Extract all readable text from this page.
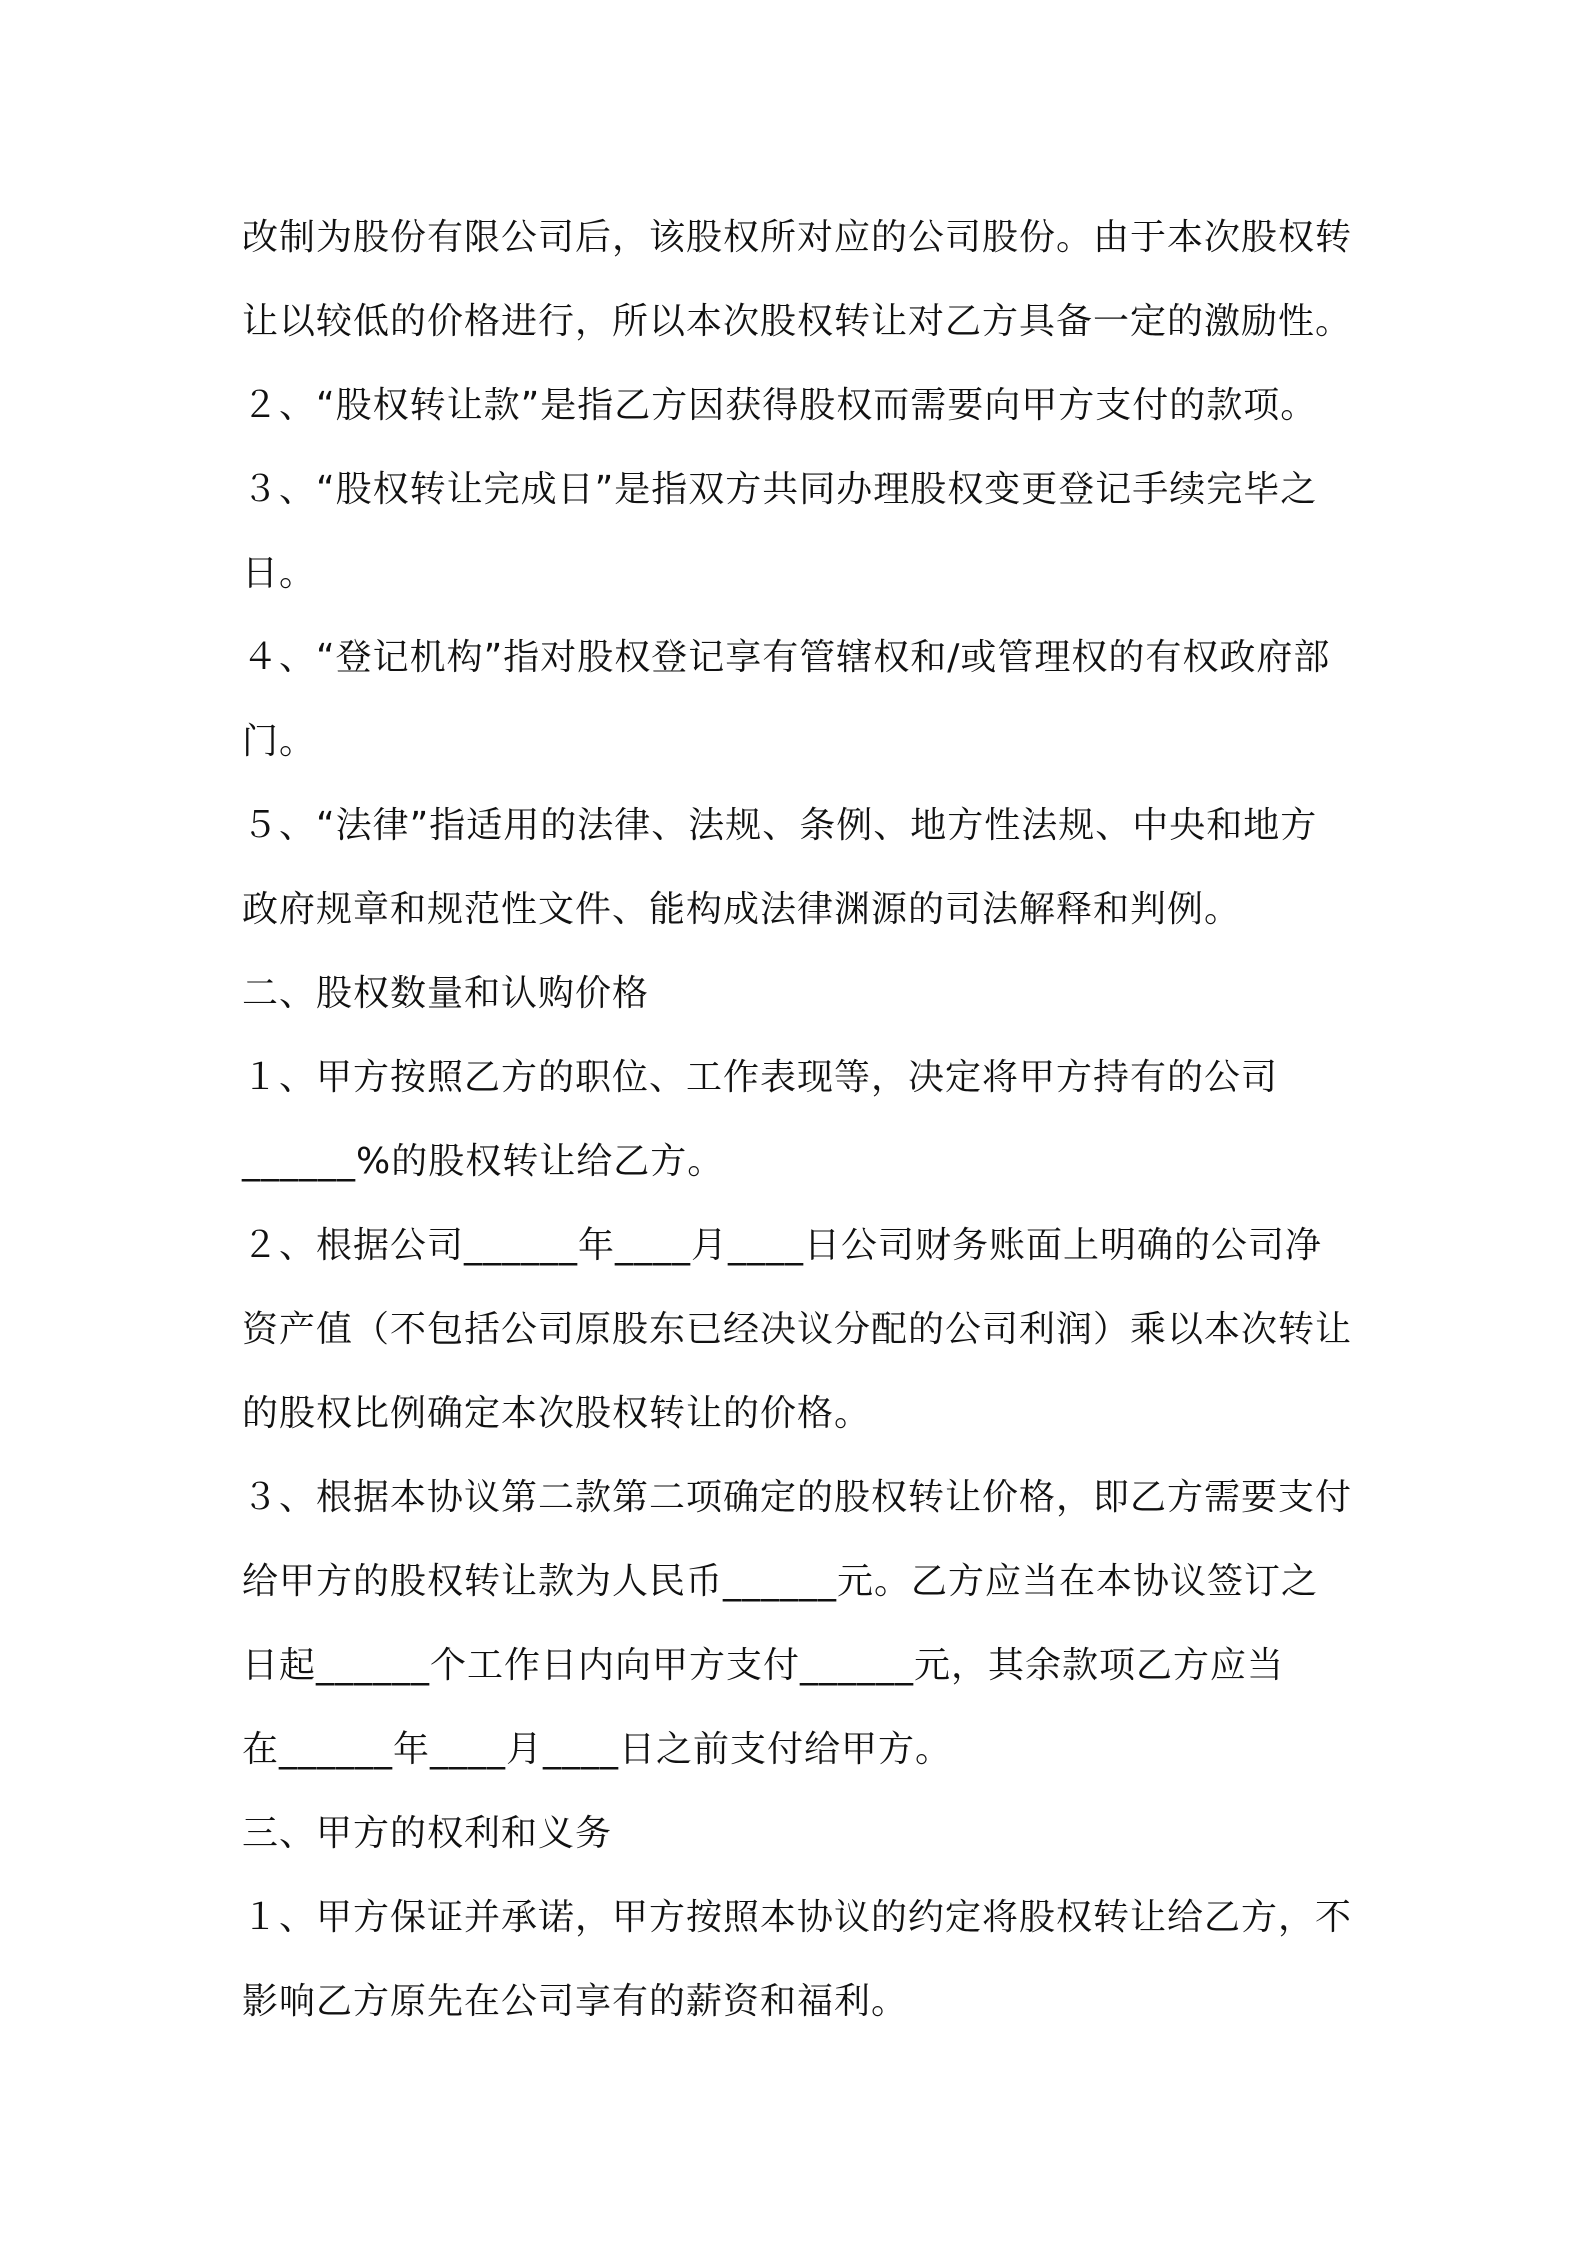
改制为股份有限公司后，该股权所对应的公司股份。由于本次股权转
让以较低的价格进行，所以本次股权转让对乙方具备一定的激励性。
２、“股权转让款”是指乙方因获得股权而需要向甲方支付的款项。
３、“股权转让完成日”是指双方共同办理股权变更登记手续完毕之
日。
４、“登记机构”指对股权登记享有管辖权和/或管理权的有权政府部
门。
５、“法律”指适用的法律、法规、条例、地方性法规、中央和地方
政府规章和规范性文件、能构成法律渊源的司法解释和判例。
二、股权数量和认购价格
１、甲方按照乙方的职位、工作表现等，决定将甲方持有的公司
______%的股权转让给乙方。
２、根据公司______年____月____日公司财务账面上明确的公司净
资产值（不包括公司原股东已经决议分配的公司利润）乘以本次转让
的股权比例确定本次股权转让的价格。
３、根据本协议第二款第二项确定的股权转让价格，即乙方需要支付
给甲方的股权转让款为人民币______元。乙方应当在本协议签订之
日起______个工作日内向甲方支付______元，其余款项乙方应当
在______年____月____日之前支付给甲方。
三、甲方的权利和义务
１、甲方保证并承诺，甲方按照本协议的约定将股权转让给乙方，不
影响乙方原先在公司享有的薪资和福利。
